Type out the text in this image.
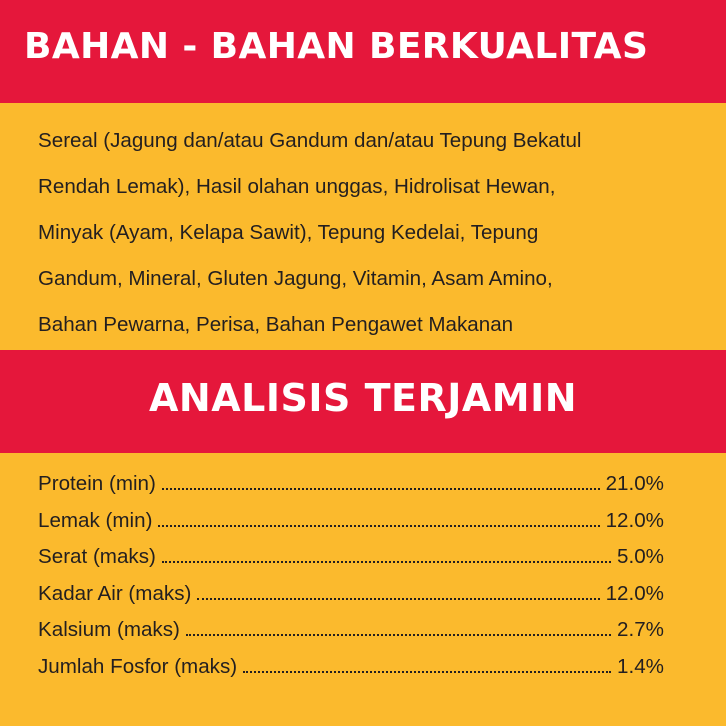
BAHAN - BAHAN BERKUALITAS
Sereal (Jagung dan/atau Gandum dan/atau Tepung Bekatul
Rendah Lemak), Hasil olahan unggas, Hidrolisat Hewan,
Minyak (Ayam, Kelapa Sawit), Tepung Kedelai, Tepung
Gandum, Mineral, Gluten Jagung, Vitamin, Asam Amino,
Bahan Pewarna, Perisa, Bahan Pengawet Makanan
ANALISIS TERJAMIN
Protein (min)	21.0%
Lemak (min)	12.0%
Serat (maks)	5.0%
Kadar Air (maks)	12.0%
Kalsium (maks)	2.7%
Jumlah Fosfor (maks)	1.4%
